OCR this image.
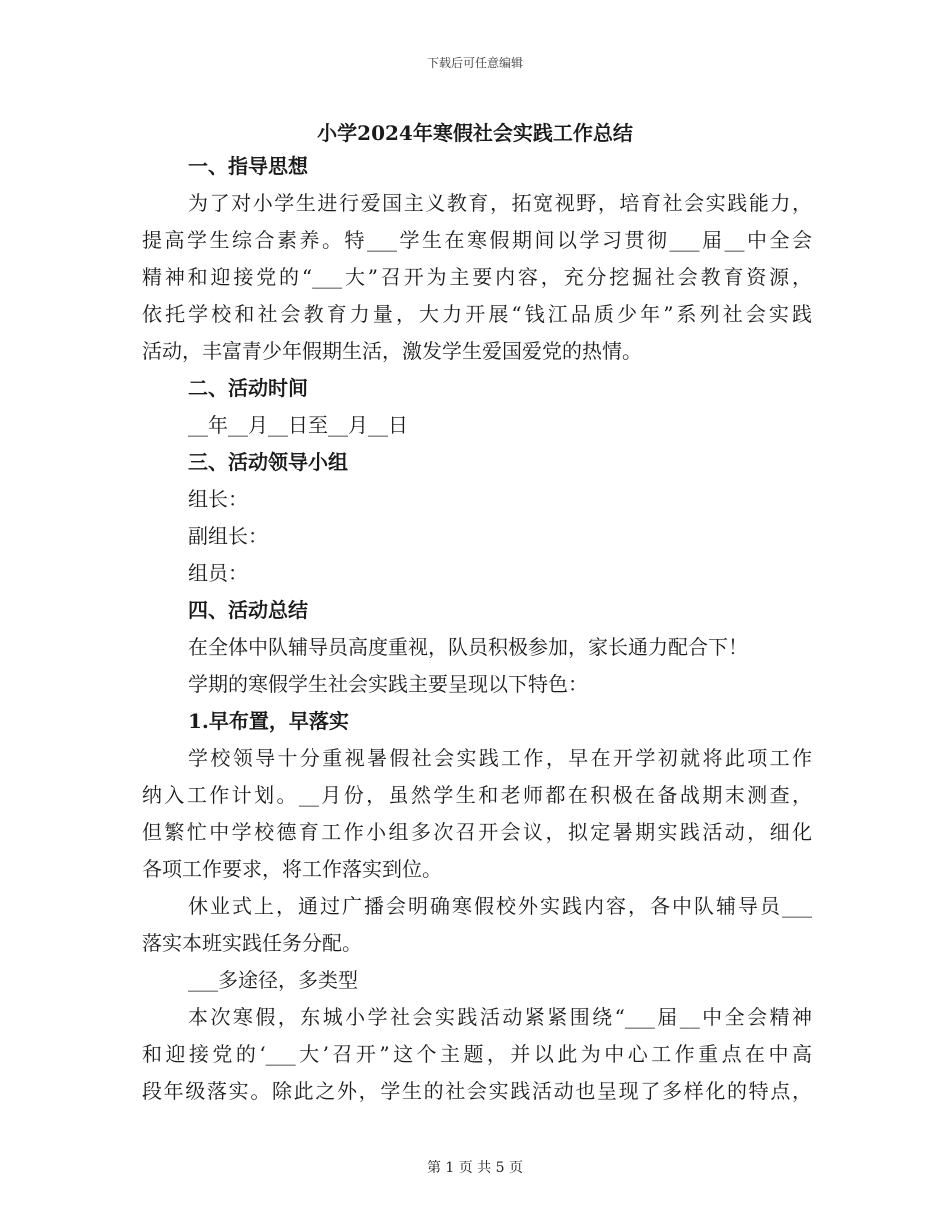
下载后可任意编辑
小学2024年寒假社会实践工作总结
一、指导思想
为了对小学生进行爱国主义教育，拓宽视野，培育社会实践能力，
提高学生综合素养。特___学生在寒假期间以学习贯彻___届__中全会
精神和迎接党的“___大”召开为主要内容，充分挖掘社会教育资源，
依托学校和社会教育力量，大力开展“钱江品质少年”系列社会实践
活动，丰富青少年假期生活，激发学生爱国爱党的热情。
二、活动时间
__年__月__日至__月__日
三、活动领导小组
组长：
副组长：
组员：
四、活动总结
在全体中队辅导员高度重视，队员积极参加，家长通力配合下！
学期的寒假学生社会实践主要呈现以下特色：
1.早布置，早落实
学校领导十分重视暑假社会实践工作，早在开学初就将此项工作
纳入工作计划。__月份，虽然学生和老师都在积极在备战期末测查，
但繁忙中学校德育工作小组多次召开会议，拟定暑期实践活动，细化
各项工作要求，将工作落实到位。
休业式上，通过广播会明确寒假校外实践内容，各中队辅导员___
落实本班实践任务分配。
___多途径，多类型
本次寒假，东城小学社会实践活动紧紧围绕“___届__中全会精神
和迎接党的‘___大’召开”这个主题，并以此为中心工作重点在中高
段年级落实。除此之外，学生的社会实践活动也呈现了多样化的特点，
第 1 页 共 5 页
